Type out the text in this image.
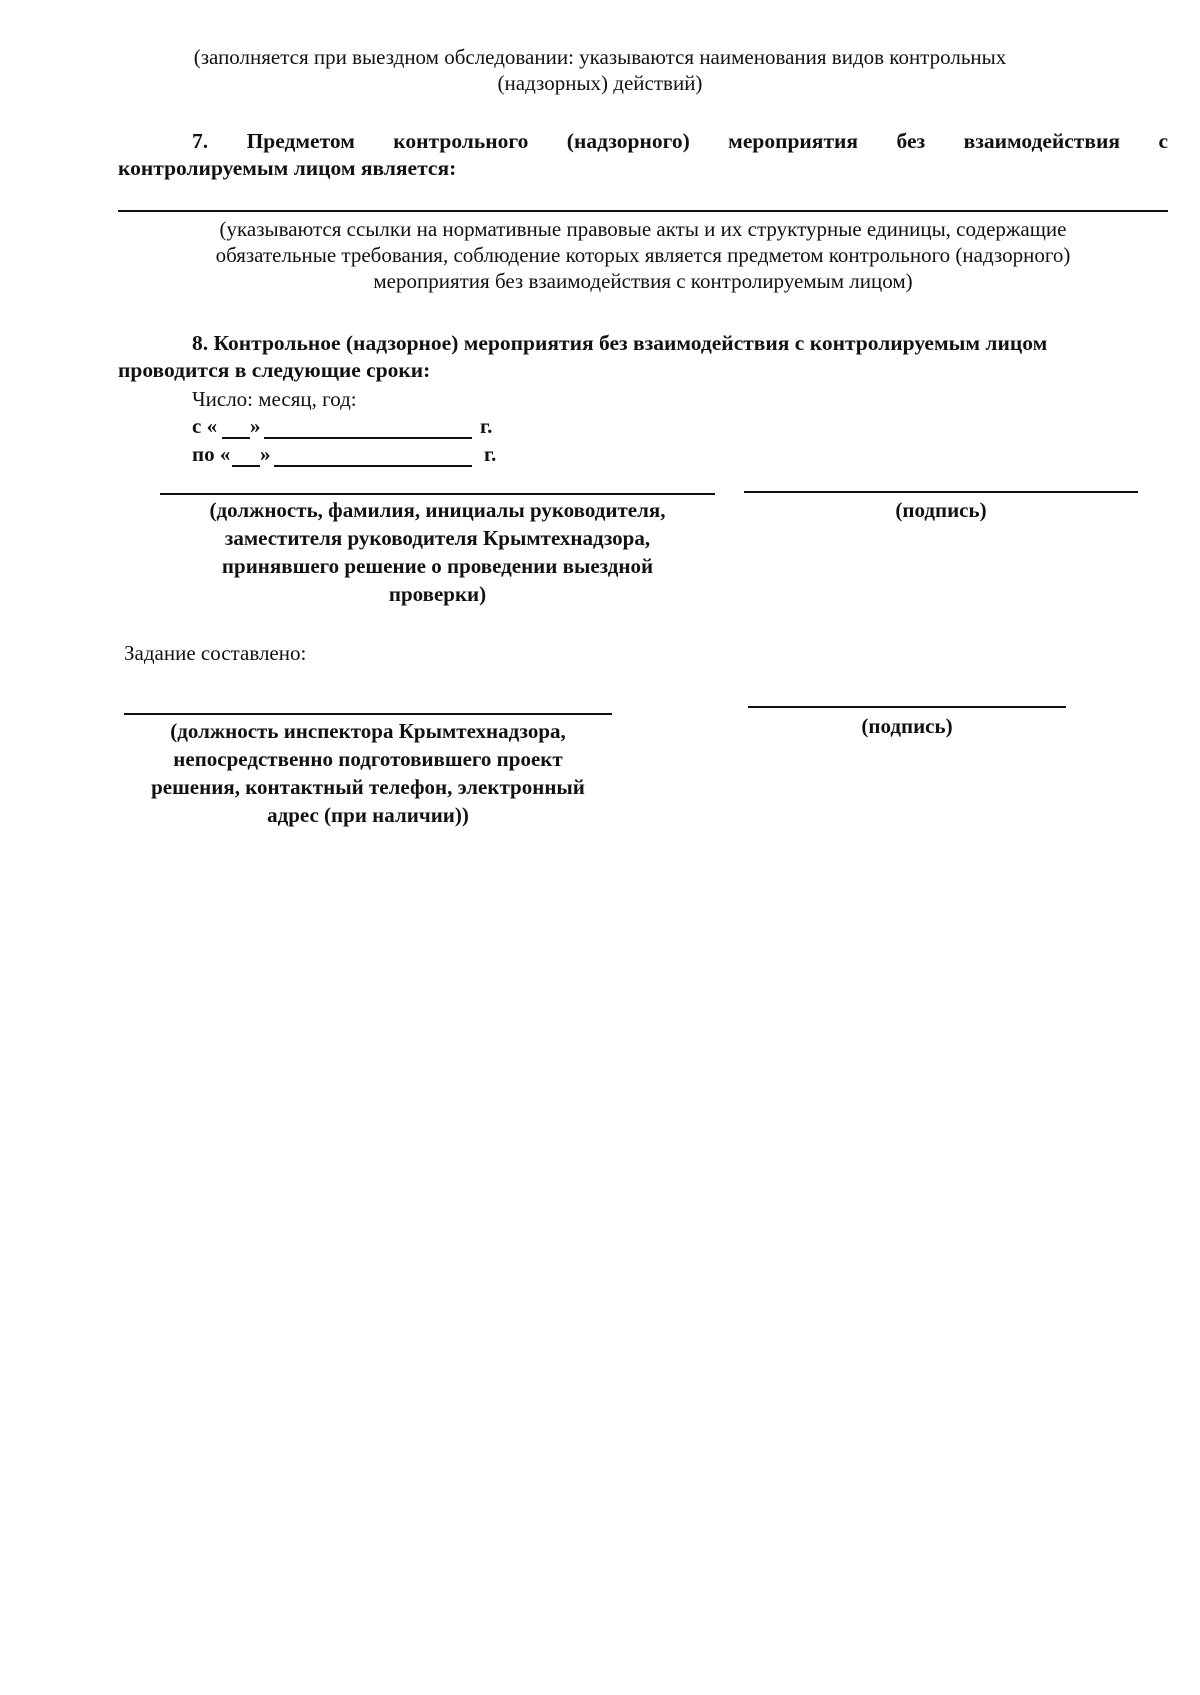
(заполняется при выездном обследовании: указываются наименования видов контрольных
(надзорных) действий)
7. Предметом контрольного (надзорного) мероприятия без взаимодействия с
контролируемым лицом является:
(указываются ссылки на нормативные правовые акты и их структурные единицы, содержащие
обязательные требования, соблюдение которых является предметом контрольного (надзорного)
мероприятия без взаимодействия с контролируемым лицом)
8. Контрольное (надзорное) мероприятия без взаимодействия с контролируемым лицом
проводится в следующие сроки:
Число: месяц, год:
с « »	г.
по « »	г.
(должность, фамилия, инициалы руководителя,
заместителя руководителя Крымтехнадзора,
принявшего решение о проведении выездной
проверки)
(подпись)
Задание составлено:
(должность инспектора Крымтехнадзора,
непосредственно подготовившего проект
решения, контактный телефон, электронный
адрес (при наличии))
(подпись)
